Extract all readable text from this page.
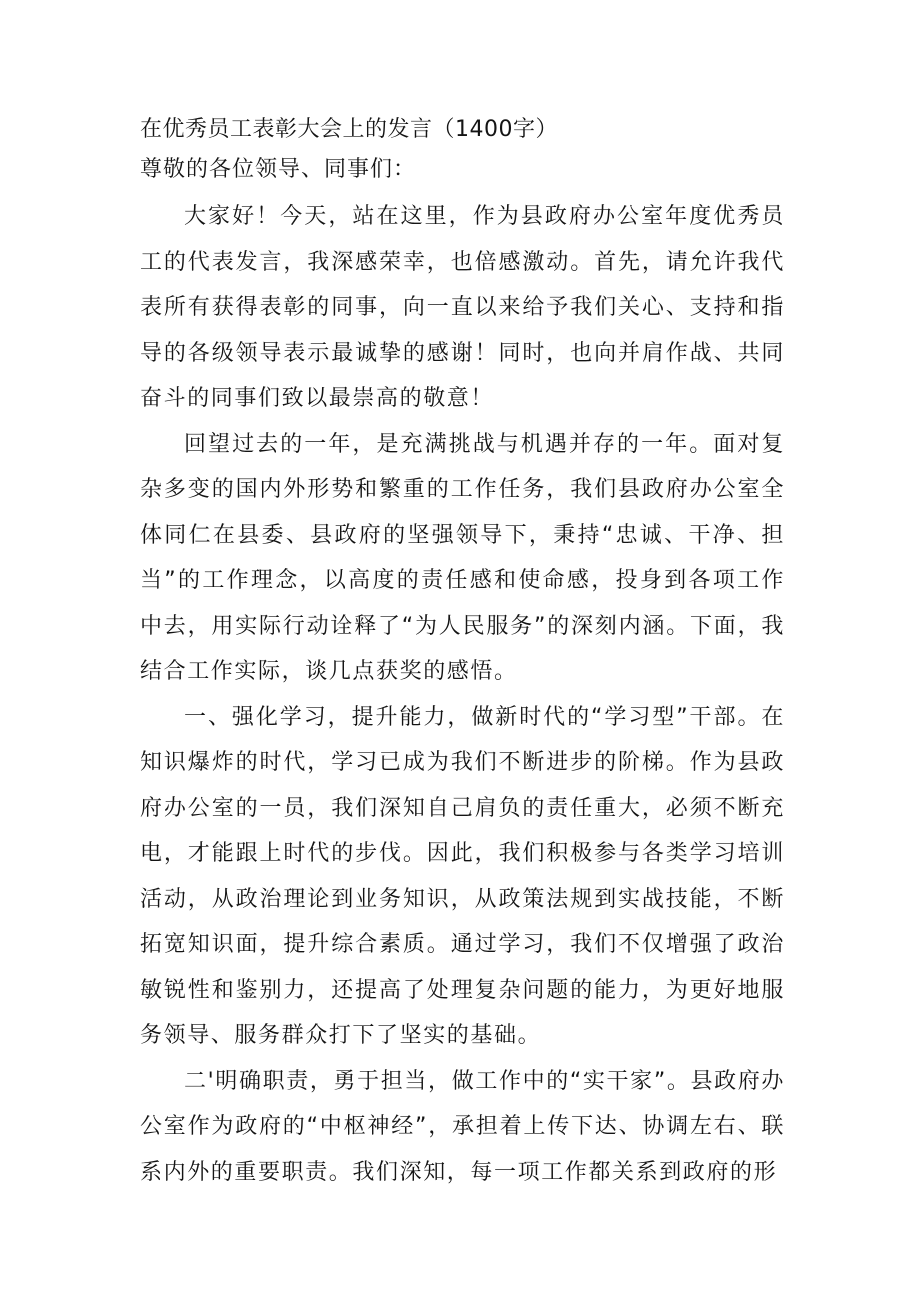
在优秀员工表彰大会上的发言（1400字）

尊敬的各位领导、同事们：

大家好！今天，站在这里，作为县政府办公室年度优秀员工的代表发言，我深感荣幸，也倍感激动。首先，请允许我代表所有获得表彰的同事，向一直以来给予我们关心、支持和指导的各级领导表示最诚挚的感谢！同时，也向并肩作战、共同奋斗的同事们致以最崇高的敬意！

回望过去的一年，是充满挑战与机遇并存的一年。面对复杂多变的国内外形势和繁重的工作任务，我们县政府办公室全体同仁在县委、县政府的坚强领导下，秉持“忠诚、干净、担当”的工作理念，以高度的责任感和使命感，投身到各项工作中去，用实际行动诠释了“为人民服务”的深刻内涵。下面，我结合工作实际，谈几点获奖的感悟。

一、强化学习，提升能力，做新时代的“学习型”干部。在知识爆炸的时代，学习已成为我们不断进步的阶梯。作为县政府办公室的一员，我们深知自己肩负的责任重大，必须不断充电，才能跟上时代的步伐。因此，我们积极参与各类学习培训活动，从政治理论到业务知识，从政策法规到实战技能，不断拓宽知识面，提升综合素质。通过学习，我们不仅增强了政治敏锐性和鉴别力，还提高了处理复杂问题的能力，为更好地服务领导、服务群众打下了坚实的基础。

二'明确职责，勇于担当，做工作中的“实干家”。县政府办公室作为政府的“中枢神经”，承担着上传下达、协调左右、联系内外的重要职责。我们深知，每一项工作都关系到政府的形
